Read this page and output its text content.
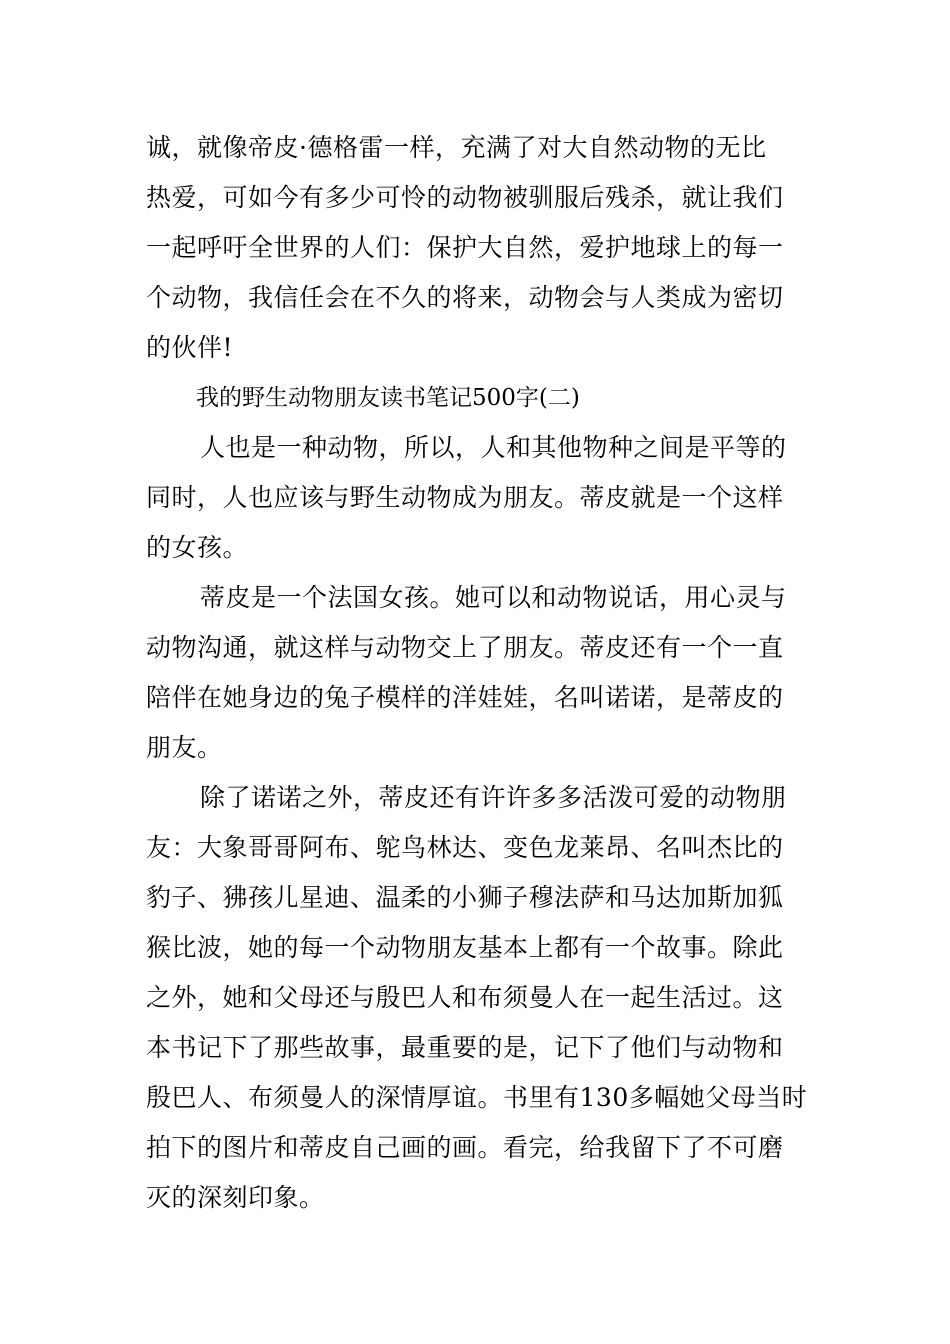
诚，就像帝皮·德格雷一样，充满了对大自然动物的无比
热爱，可如今有多少可怜的动物被驯服后残杀，就让我们
一起呼吁全世界的人们：保护大自然，爱护地球上的每一
个动物，我信任会在不久的将来，动物会与人类成为密切
的伙伴!
我的野生动物朋友读书笔记500字(二)
人也是一种动物，所以，人和其他物种之间是平等的
同时，人也应该与野生动物成为朋友。蒂皮就是一个这样
的女孩。
蒂皮是一个法国女孩。她可以和动物说话，用心灵与
动物沟通，就这样与动物交上了朋友。蒂皮还有一个一直
陪伴在她身边的兔子模样的洋娃娃，名叫诺诺，是蒂皮的
朋友。
除了诺诺之外，蒂皮还有许许多多活泼可爱的动物朋
友：大象哥哥阿布、鸵鸟林达、变色龙莱昂、名叫杰比的
豹子、狒孩儿星迪、温柔的小狮子穆法萨和马达加斯加狐
猴比波，她的每一个动物朋友基本上都有一个故事。除此
之外，她和父母还与殷巴人和布须曼人在一起生活过。这
本书记下了那些故事，最重要的是，记下了他们与动物和
殷巴人、布须曼人的深情厚谊。书里有130多幅她父母当时
拍下的图片和蒂皮自己画的画。看完，给我留下了不可磨
灭的深刻印象。
